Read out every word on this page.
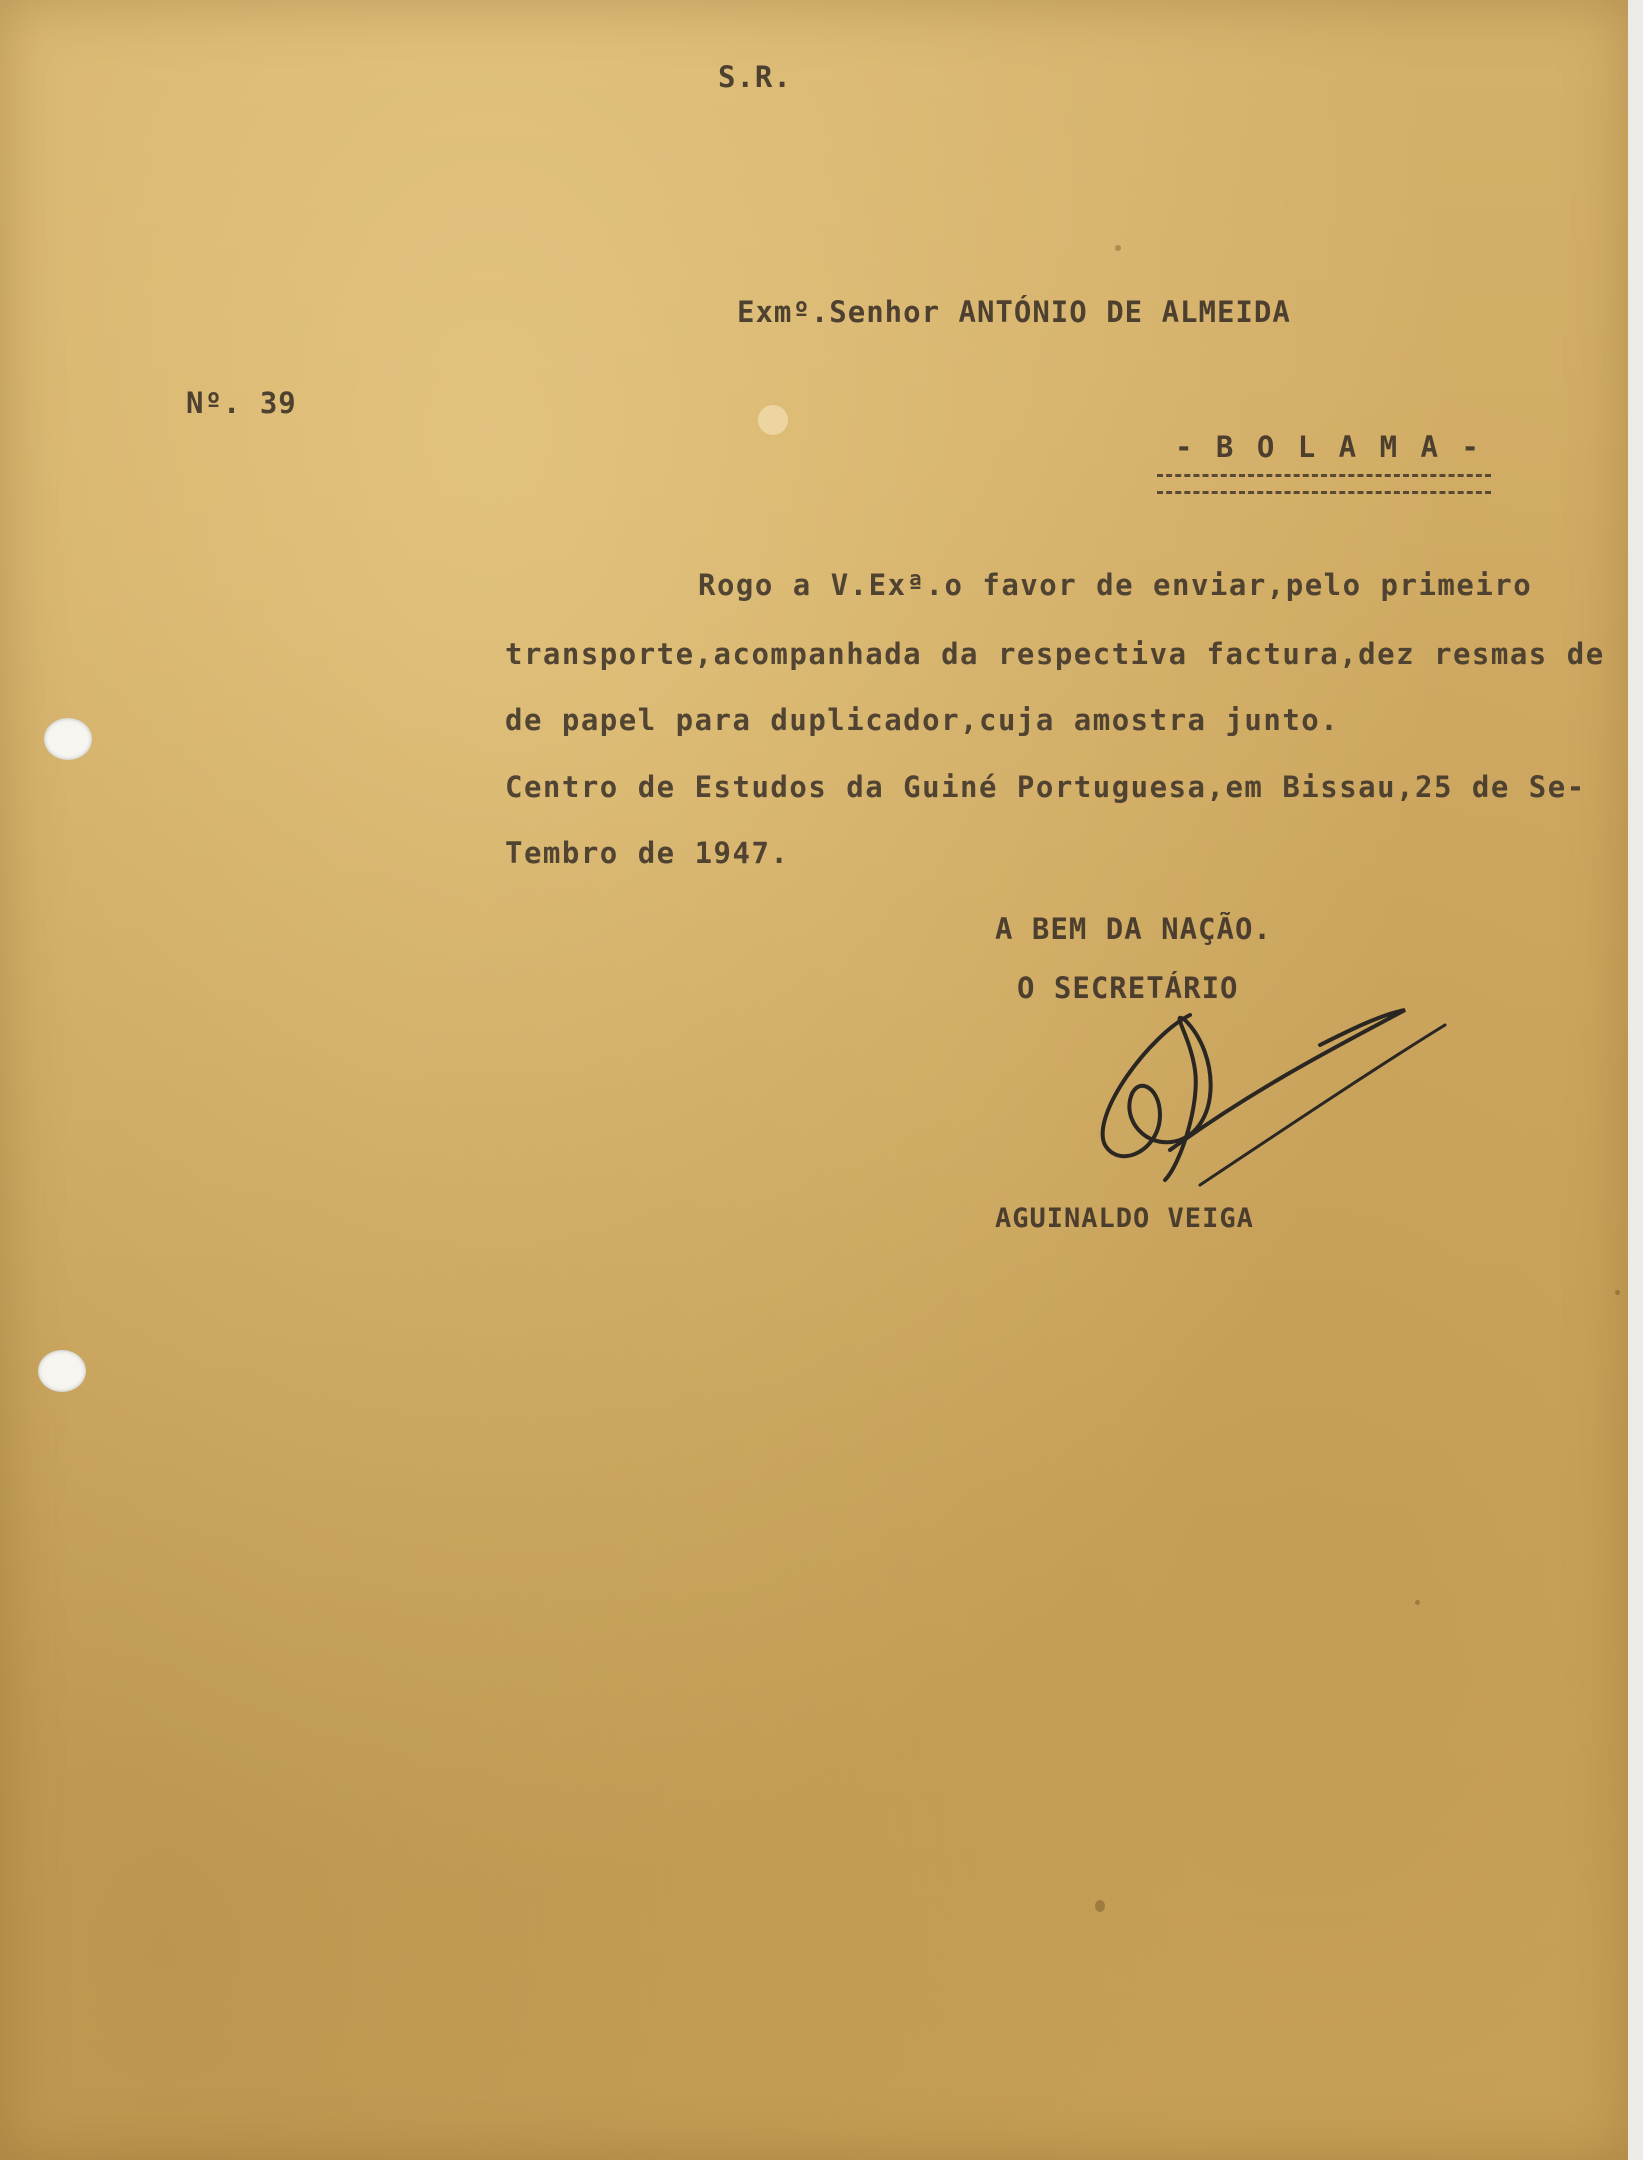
S.R.
Exmº.Senhor ANTÓNIO DE ALMEIDA
Nº. 39
- B O L A M A -
Rogo a V.Exª.o favor de enviar,pelo primeiro
transporte,acompanhada da respectiva factura,dez resmas de
de papel para duplicador,cuja amostra junto.
Centro de Estudos da Guiné Portuguesa,em Bissau,25 de Se-
Tembro de 1947.
A BEM DA NAÇÃO.
O SECRETÁRIO
AGUINALDO VEIGA
